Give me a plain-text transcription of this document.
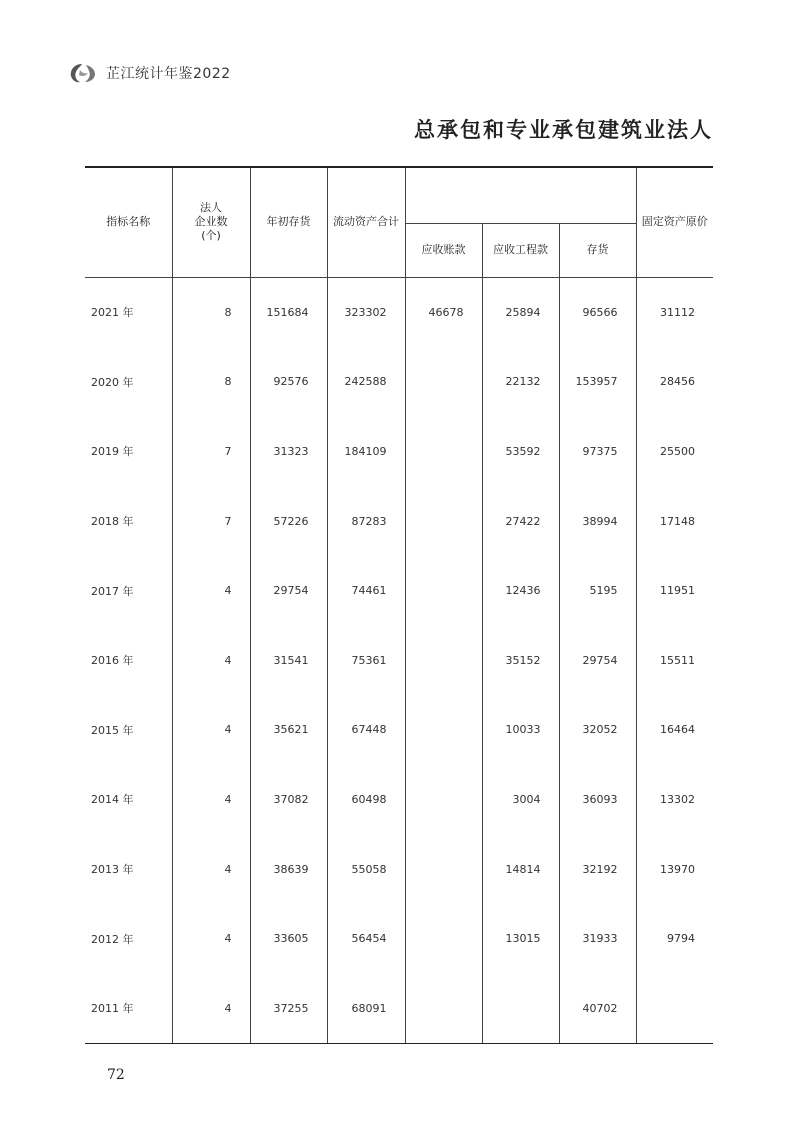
芷江统计年鉴2022
总承包和专业承包建筑业法人
指标名称	法人
企业数
(个)	年初存货	流动资产合计				固定资产原价
				应收账款	应收工程款	存货	
2021 年	8	151684	323302	46678	25894	96566	31112
2020 年	8	92576	242588		22132	153957	28456
2019 年	7	31323	184109		53592	97375	25500
2018 年	7	57226	87283		27422	38994	17148
2017 年	4	29754	74461		12436	5195	11951
2016 年	4	31541	75361		35152	29754	15511
2015 年	4	35621	67448		10033	32052	16464
2014 年	4	37082	60498		3004	36093	13302
2013 年	4	38639	55058		14814	32192	13970
2012 年	4	33605	56454		13015	31933	9794
2011 年	4	37255	68091			40702	
72
